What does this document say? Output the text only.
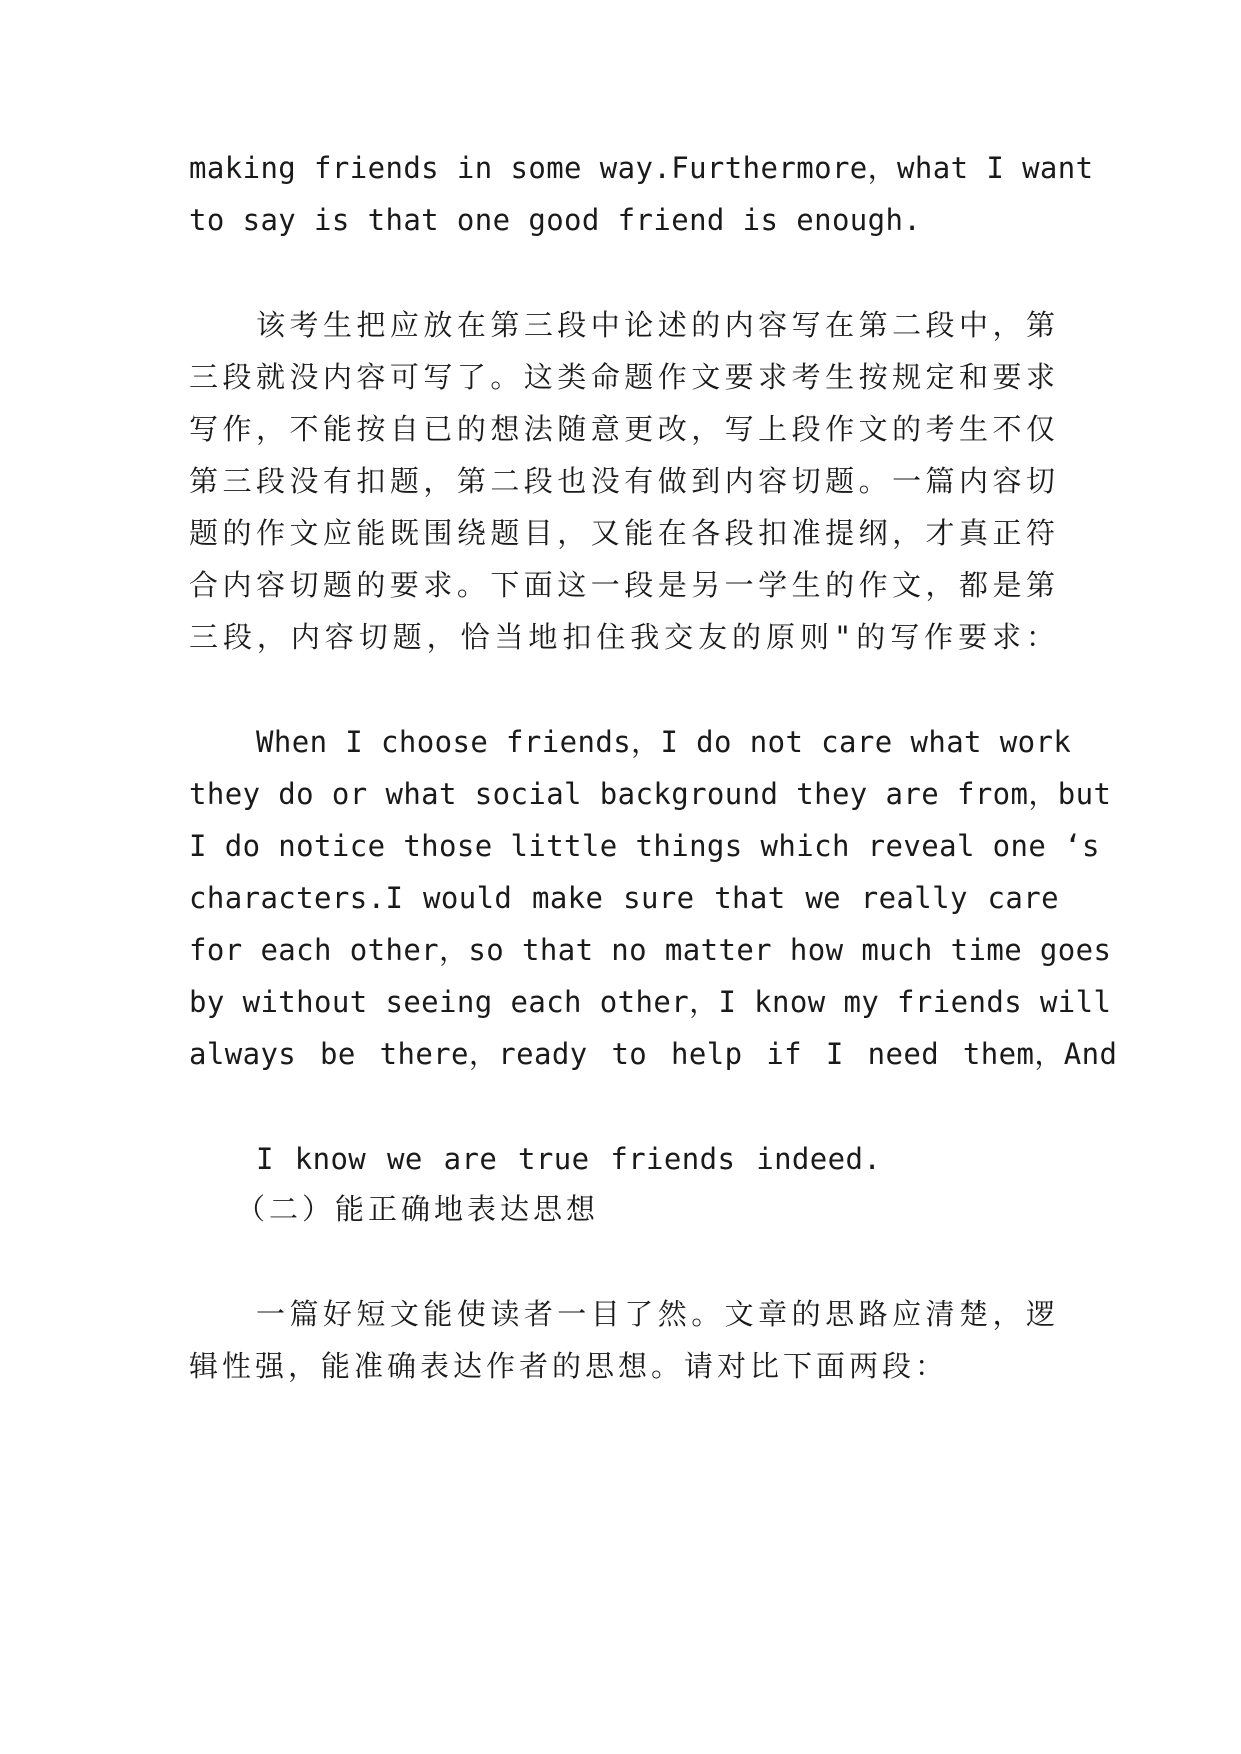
making friends in some way.Furthermore，what I want
to say is that one good friend is enough.
该考生把应放在第三段中论述的内容写在第二段中，第
三段就没内容可写了。这类命题作文要求考生按规定和要求
写作，不能按自已的想法随意更改，写上段作文的考生不仅
第三段没有扣题，第二段也没有做到内容切题。一篇内容切
题的作文应能既围绕题目，又能在各段扣准提纲，才真正符
合内容切题的要求。下面这一段是另一学生的作文，都是第
三段，内容切题，恰当地扣住我交友的原则"的写作要求：
When I choose friends，I do not care what work
they do or what social background they are from，but
I do notice those little things which reveal one ‘s
characters.I would make sure that we really care
for each other，so that no matter how much time goes
by without seeing each other，I know my friends will
always be there，ready to help if I need them，And
I know we are true friends indeed.
（二）能正确地表达思想
一篇好短文能使读者一目了然。文章的思路应清楚，逻
辑性强，能准确表达作者的思想。请对比下面两段：
